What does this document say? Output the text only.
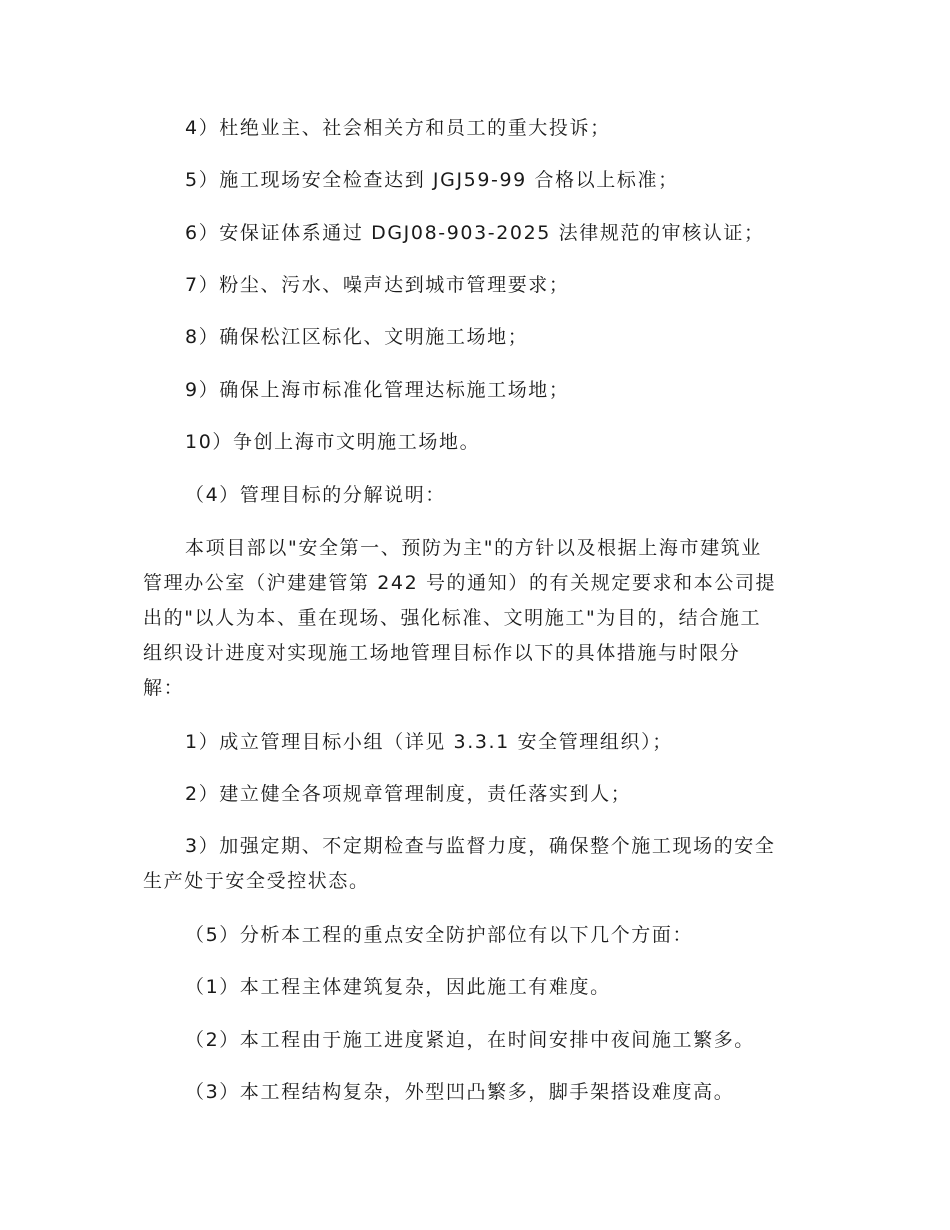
4）杜绝业主、社会相关方和员工的重大投诉；
5）施工现场安全检查达到 JGJ59-99 合格以上标准；
6）安保证体系通过 DGJ08-903-2025 法律规范的审核认证；
7）粉尘、污水、噪声达到城市管理要求；
8）确保松江区标化、文明施工场地；
9）确保上海市标准化管理达标施工场地；
10）争创上海市文明施工场地。
（4）管理目标的分解说明：
本项目部以"安全第一、预防为主"的方针以及根据上海市建筑业
管理办公室（沪建建管第 242 号的通知）的有关规定要求和本公司提
出的"以人为本、重在现场、强化标准、文明施工"为目的，结合施工
组织设计进度对实现施工场地管理目标作以下的具体措施与时限分
解：
1）成立管理目标小组（详见 3.3.1 安全管理组织）；
2）建立健全各项规章管理制度，责任落实到人；
3）加强定期、不定期检查与监督力度，确保整个施工现场的安全
生产处于安全受控状态。
（5）分析本工程的重点安全防护部位有以下几个方面：
（1）本工程主体建筑复杂，因此施工有难度。
（2）本工程由于施工进度紧迫，在时间安排中夜间施工繁多。
（3）本工程结构复杂，外型凹凸繁多，脚手架搭设难度高。
